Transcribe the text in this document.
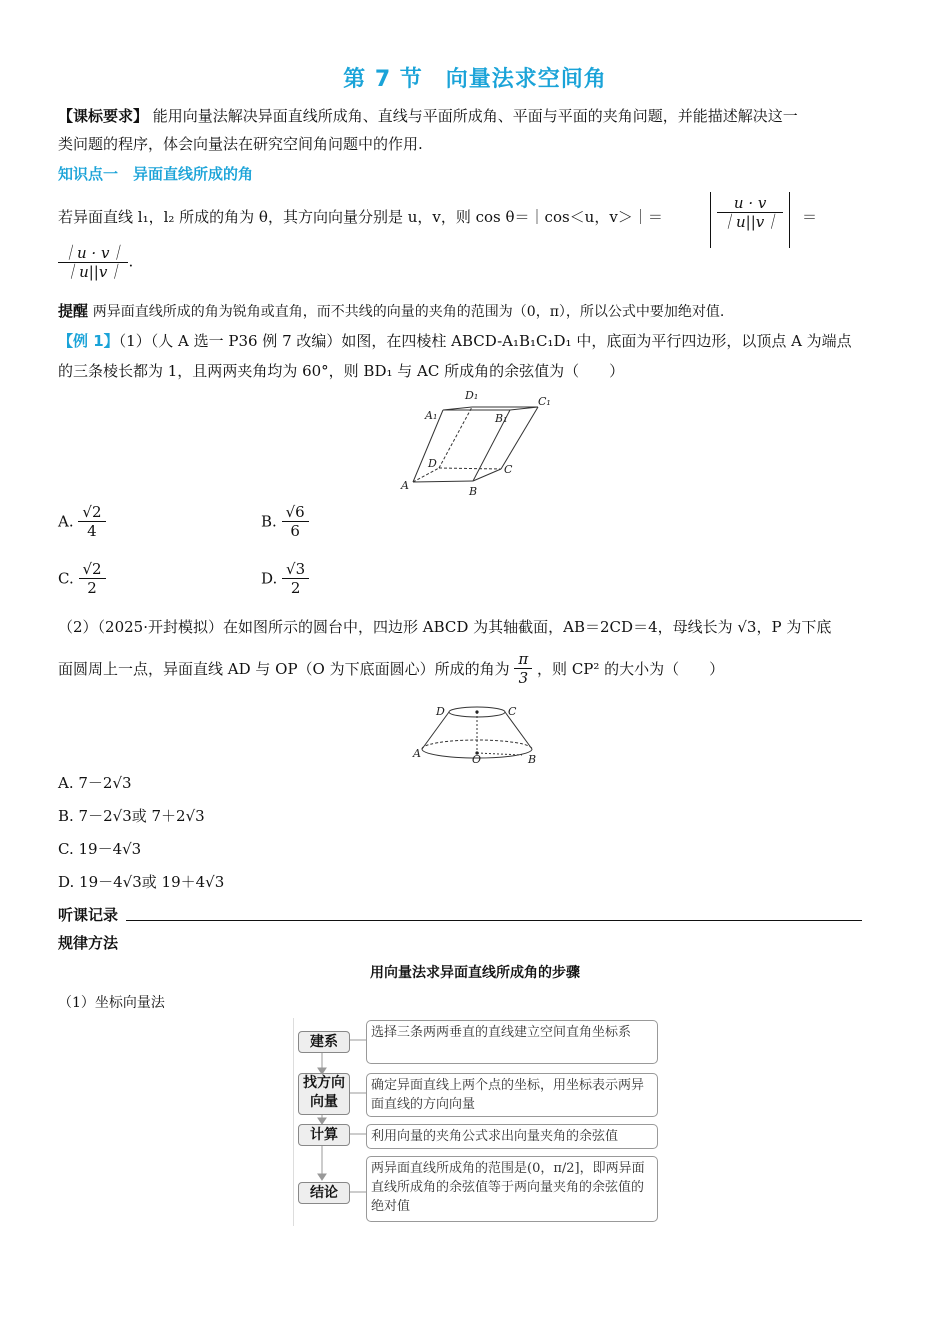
第 7 节　向量法求空间角
【课标要求】 能用向量法解决异面直线所成角、直线与平面所成角、平面与平面的夹角问题，并能描述解决这一
类问题的程序，体会向量法在研究空间角问题中的作用.
知识点一　异面直线所成的角
若异面直线 l₁，l₂ 所成的角为 θ，其方向向量分别是 u，v，则 cos θ＝｜cos＜u，v＞｜＝	$\frac{u \cdot v}{|u||v|}$ ＝
$\frac{|u \cdot v|}{|u||v|}$ .
提醒 两异面直线所成的角为锐角或直角，而不共线的向量的夹角的范围为（0，π），所以公式中要加绝对值.
【例 1】（1）（人 A 选一 P36 例 7 改编）如图，在四棱柱 ABCD-A₁B₁C₁D₁ 中，底面为平行四边形，以顶点 A 为端点
的三条棱长都为 1，且两两夹角均为 60°，则 BD₁ 与 AC 所成角的余弦值为（　　）
D₁
A₁	B₁
C₁
D	C
A	B
A. $\frac{√2}{4}$	B. $\frac{√6}{6}$
C. $\frac{√2}{2}$	D. $\frac{√3}{2}$
（2）（2025·开封模拟）在如图所示的圆台中，四边形 ABCD 为其轴截面，AB＝2CD＝4，母线长为 √3，P 为下底
面圆周上一点，异面直线 AD 与 OP（O 为下底面圆心）所成的角为 $\frac{\pi}{3}$ ，则 CP² 的大小为（　　）
D	C
A	O	B
A. 7－2√3
B. 7－2√3或 7＋2√3
C. 19－4√3
D. 19－4√3或 19＋4√3
听课记录
规律方法
用向量法求异面直线所成角的步骤
（1）坐标向量法
建系
选择三条两两垂直的直线建立空间直角坐标系
找方向
向量
确定异面直线上两个点的坐标，用坐标表示两异面直线的方向向量
计算	利用向量的夹角公式求出向量夹角的余弦值
结论
两异面直线所成角的范围是(0，π/2]，即两异面直线所成角的余弦值等于两向量夹角的余弦值的绝对值
